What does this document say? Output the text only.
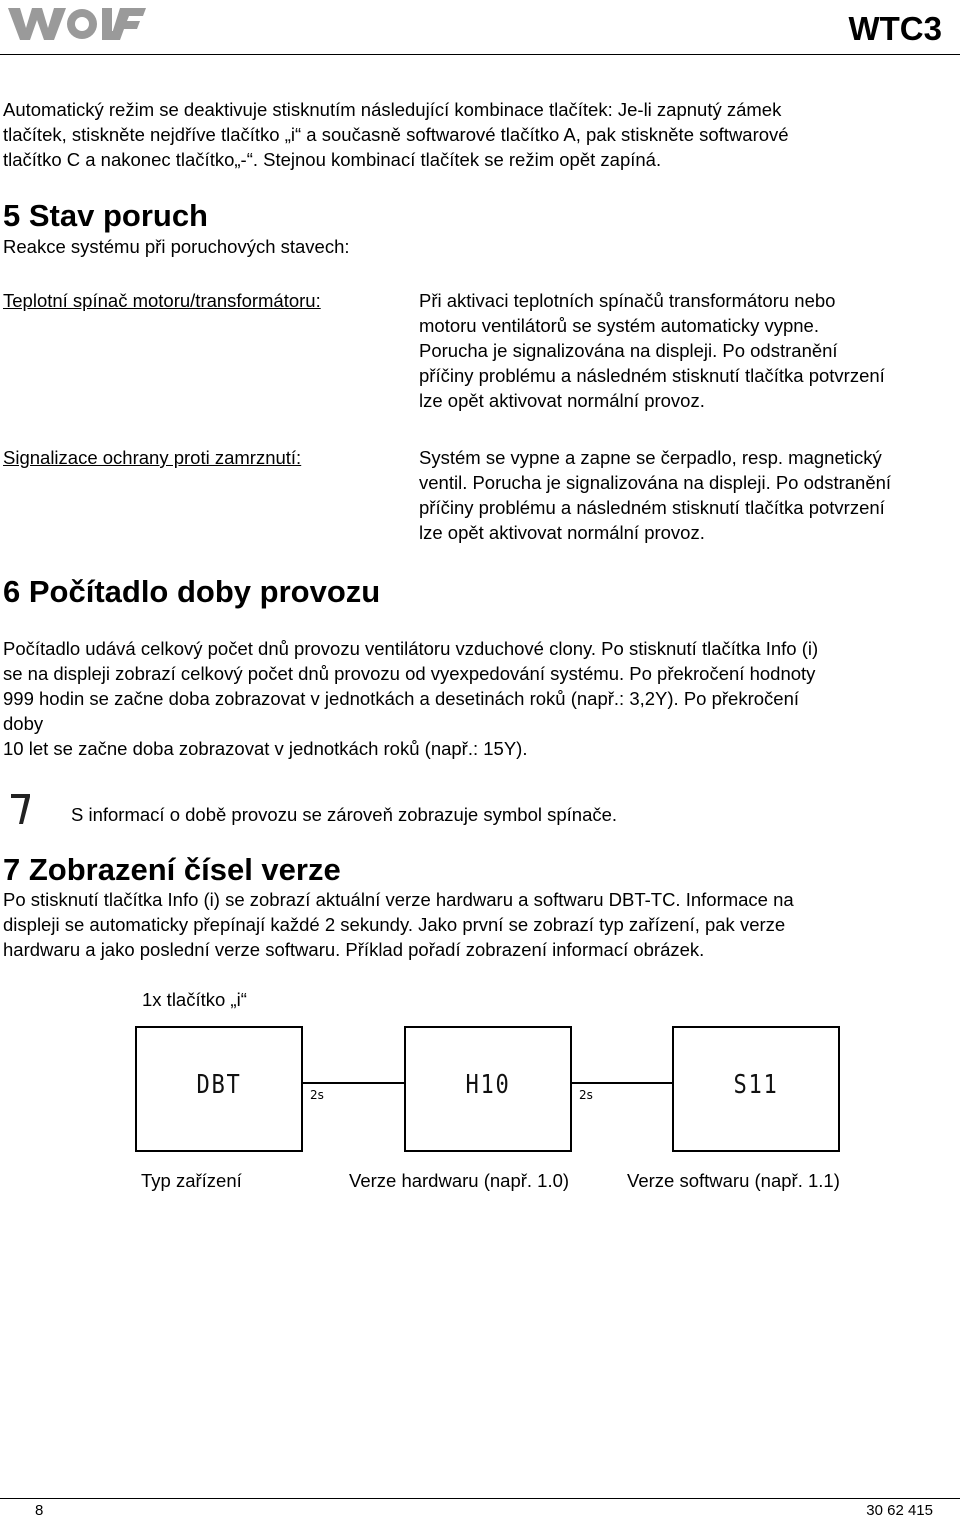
WTC3
Automatický režim se deaktivuje stisknutím následující kombinace tlačítek: Je-li zapnutý zámek
tlačítek, stiskněte nejdříve tlačítko „i“ a současně softwarové tlačítko A, pak stiskněte softwarové
tlačítko C a nakonec tlačítko„-“. Stejnou kombinací tlačítek se režim opět zapíná.
5 Stav poruch
Reakce systému při poruchových stavech:
Teplotní spínač motoru/transformátoru:	Při aktivaci teplotních spínačů transformátoru nebo
motoru ventilátorů se systém automaticky vypne.
Porucha je signalizována na displeji. Po odstranění
příčiny problému a následném stisknutí tlačítka potvrzení
lze opět aktivovat normální provoz.
Signalizace ochrany proti zamrznutí:	Systém se vypne a zapne se čerpadlo, resp. magnetický
ventil. Porucha je signalizována na displeji. Po odstranění
příčiny problému a následném stisknutí tlačítka potvrzení
lze opět aktivovat normální provoz.
6 Počítadlo doby provozu
Počítadlo udává celkový počet dnů provozu ventilátoru vzduchové clony. Po stisknutí tlačítka Info (i)
se na displeji zobrazí celkový počet dnů provozu od vyexpedování systému. Po překročení hodnoty
999 hodin se začne doba zobrazovat v jednotkách a desetinách roků (např.: 3,2Y). Po překročení
doby
10 let se začne doba zobrazovat v jednotkách roků (např.: 15Y).
S informací o době provozu se zároveň zobrazuje symbol spínače.
7 Zobrazení čísel verze
Po stisknutí tlačítka Info (i) se zobrazí aktuální verze hardwaru a softwaru DBT-TC. Informace na
displeji se automaticky přepínají každé 2 sekundy. Jako první se zobrazí typ zařízení, pak verze
hardwaru a jako poslední verze softwaru. Příklad pořadí zobrazení informací obrázek.
1x tlačítko „i“
DBT	2s	H10	2s	S11
Typ zařízení	Verze hardwaru (např. 1.0)	Verze softwaru (např. 1.1)
8	30 62 415
